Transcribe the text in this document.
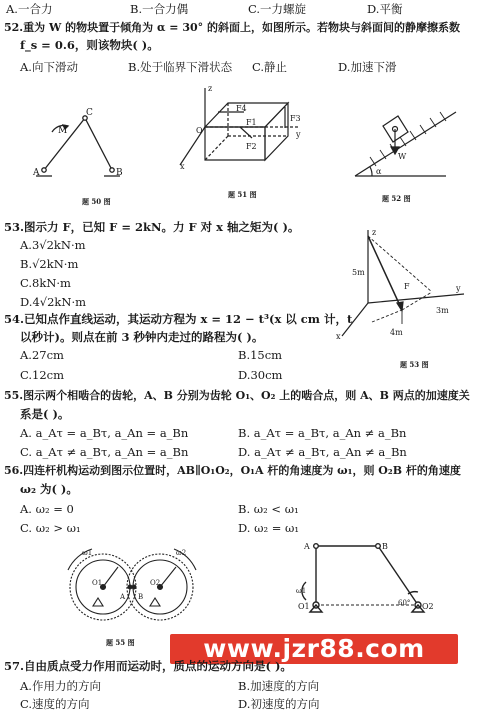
A.一合力	B.一合力偶	C.一力螺旋	D.平衡
52.重为 W 的物块置于倾角为 α = 30° 的斜面上，如图所示。若物块与斜面间的静摩擦系数
f_s = 0.6，则该物块( )。
A.向下滑动	B.处于临界下滑状态 C.静止	D.加速下滑
M
C
A	B
题 50 图
z
F4
F1	F3
F2
O
x
y
题 51 图
W
α
题 52 图
53.图示力 F，已知 F = 2kN。力 F 对 x 轴之矩为( )。
A.3√2kN·m
B.√2kN·m
C.8kN·m
D.4√2kN·m
z
5m
F	y
4m
3m
x
题 53 图
54.已知点作直线运动，其运动方程为 x = 12 − t³(x 以 cm 计，t
以秒计)。则点在前 3 秒钟内走过的路程为( )。
A.27cm	B.15cm
C.12cm	D.30cm
55.图示两个相啮合的齿轮，A、B 分别为齿轮 O₁、O₂ 上的啮合点，则 A、B 两点的加速度关
系是( )。
A. a_Aτ = a_Bτ, a_An = a_Bn	B. a_Aτ = a_Bτ, a_An ≠ a_Bn
C. a_Aτ ≠ a_Bτ, a_An = a_Bn	D. a_Aτ ≠ a_Bτ, a_An ≠ a_Bn
56.四连杆机构运动到图示位置时，AB∥O₁O₂，O₁A 杆的角速度为 ω₁，则 O₂B 杆的角速度
ω₂ 为( )。
A. ω₂ = 0	B. ω₂ < ω₁
C. ω₂ > ω₁	D. ω₂ = ω₁
ω1
O1
A B
O2
ω2
题 55 图
A	B
ω1
O1	60° O2
www.jzr88.com
57.自由质点受力作用而运动时，质点的运动方向是( )。
A.作用力的方向	B.加速度的方向
C.速度的方向	D.初速度的方向
